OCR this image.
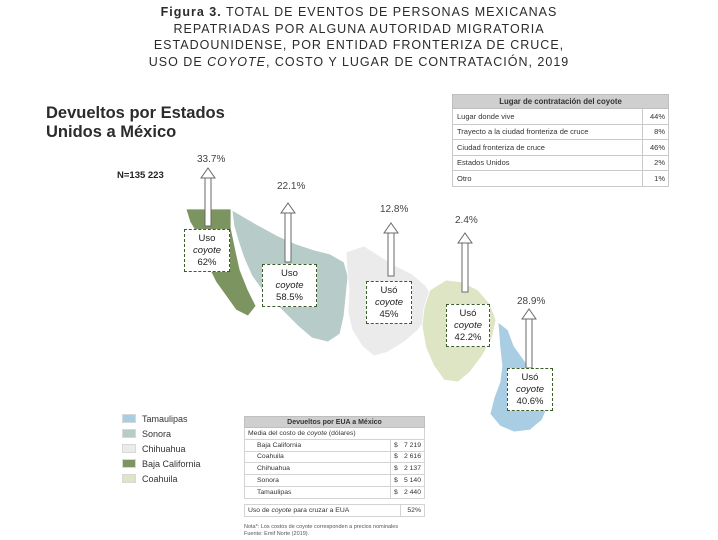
Figura 3. TOTAL DE EVENTOS DE PERSONAS MEXICANAS
REPATRIADAS POR ALGUNA AUTORIDAD MIGRATORIA
ESTADOUNIDENSE, POR ENTIDAD FRONTERIZA DE CRUCE,
USO DE COYOTE, COSTO Y LUGAR DE CONTRATACIÓN, 2019
Devueltos por Estados
Unidos a México
N=135 223
33.7%
22.1%
12.8%
2.4%
28.9%
Uso
coyote
62%
Uso
coyote
58.5%
Usó
coyote
45%	Usó
coyote
42.2%
Usó
coyote
40.6%
Lugar de contratación del coyote	
Lugar donde vive	44%
Trayecto a la ciudad fronteriza de cruce	8%
Ciudad fronteriza de cruce	46%
Estados Unidos	2%
Otro	1%
Tamaulipas
Sonora
Chihuahua
Baja California
Coahuila
Devueltos por EUA a México		
Media del costo de coyote (dólares)		
Baja California	$	7 219
Coahuila	$	2 616
Chihuahua	$	2 137
Sonora	$	5 140
Tamaulipas	$	2 440

Uso de coyote para cruzar a EUA		52%
Nota*: Los costos de coyote corresponden a precios nominales
Fuente: Emif Norte (2019).
